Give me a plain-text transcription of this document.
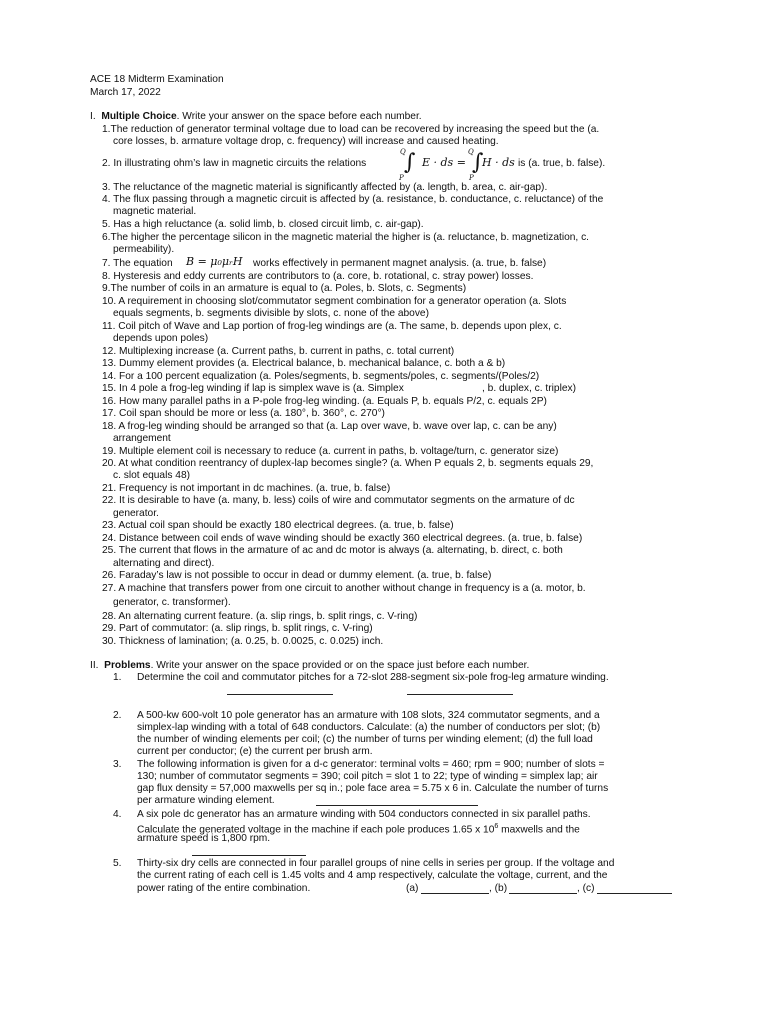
ACE 18 Midterm Examination
March 17, 2022
I. Multiple Choice. Write your answer on the space before each number.
1.The reduction of generator terminal voltage due to load can be recovered by increasing the speed but the (a.
core losses, b. armature voltage drop, c. frequency) will increase and caused heating.
2. In illustrating ohm’s law in magnetic circuits the relations
Q
∫
P
E · ds =
Q
∫
P
H · ds is (a. true, b. false).
3. The reluctance of the magnetic material is significantly affected by (a. length, b. area, c. air-gap).
4. The flux passing through a magnetic circuit is affected by (a. resistance, b. conductance, c. reluctance) of the
magnetic material.
5. Has a high reluctance (a. solid limb, b. closed circuit limb, c. air-gap).
6.The higher the percentage silicon in the magnetic material the higher is (a. reluctance, b. magnetization, c.
permeability).
7. The equation B = μ₀μᵣH works effectively in permanent magnet analysis. (a. true, b. false)
8. Hysteresis and eddy currents are contributors to (a. core, b. rotational, c. stray power) losses.
9.The number of coils in an armature is equal to (a. Poles, b. Slots, c. Segments)
10. A requirement in choosing slot/commutator segment combination for a generator operation (a. Slots
equals segments, b. segments divisible by slots, c. none of the above)
11. Coil pitch of Wave and Lap portion of frog-leg windings are (a. The same, b. depends upon plex, c.
depends upon poles)
12. Multiplexing increase (a. Current paths, b. current in paths, c. total current)
13. Dummy element provides (a. Electrical balance, b. mechanical balance, c. both a & b)
14. For a 100 percent equalization (a. Poles/segments, b. segments/poles, c. segments/(Poles/2)
15. In 4 pole a frog-leg winding if lap is simplex wave is (a. Simplex	, b. duplex, c. triplex)
16. How many parallel paths in a P-pole frog-leg winding. (a. Equals P, b. equals P/2, c. equals 2P)
17. Coil span should be more or less (a. 180°, b. 360°, c. 270°)
18. A frog-leg winding should be arranged so that (a. Lap over wave, b. wave over lap, c. can be any)
arrangement
19. Multiple element coil is necessary to reduce (a. current in paths, b. voltage/turn, c. generator size)
20. At what condition reentrancy of duplex-lap becomes single? (a. When P equals 2, b. segments equals 29,
c. slot equals 48)
21. Frequency is not important in dc machines. (a. true, b. false)
22. It is desirable to have (a. many, b. less) coils of wire and commutator segments on the armature of dc
generator.
23. Actual coil span should be exactly 180 electrical degrees. (a. true, b. false)
24. Distance between coil ends of wave winding should be exactly 360 electrical degrees. (a. true, b. false)
25. The current that flows in the armature of ac and dc motor is always (a. alternating, b. direct, c. both
alternating and direct).
26. Faraday’s law is not possible to occur in dead or dummy element. (a. true, b. false)
27. A machine that transfers power from one circuit to another without change in frequency is a (a. motor, b.
generator, c. transformer).
28. An alternating current feature. (a. slip rings, b. split rings, c. V-ring)
29. Part of commutator: (a. slip rings, b. split rings, c. V-ring)
30. Thickness of lamination; (a. 0.25, b. 0.0025, c. 0.025) inch.
II. Problems. Write your answer on the space provided or on the space just before each number.
1. Determine the coil and commutator pitches for a 72-slot 288-segment six-pole frog-leg armature winding.
2. A 500-kw 600-volt 10 pole generator has an armature with 108 slots, 324 commutator segments, and a
simplex-lap winding with a total of 648 conductors. Calculate: (a) the number of conductors per slot; (b)
the number of winding elements per coil; (c) the number of turns per winding element; (d) the full load
current per conductor; (e) the current per brush arm.
3. The following information is given for a d-c generator: terminal volts = 460; rpm = 900; number of slots =
130; number of commutator segments = 390; coil pitch = slot 1 to 22; type of winding = simplex lap; air
gap flux density = 57,000 maxwells per sq in.; pole face area = 5.75 x 6 in. Calculate the number of turns
per armature winding element.
4. A six pole dc generator has an armature winding with 504 conductors connected in six parallel paths.
Calculate the generated voltage in the machine if each pole produces 1.65 x $10^6$ maxwells and the
armature speed is 1,800 rpm.
5. Thirty-six dry cells are connected in four parallel groups of nine cells in series per group. If the voltage and
the current rating of each cell is 1.45 volts and 4 amp respectively, calculate the voltage, current, and the
power rating of the entire combination.	(a)	, (b)	, (c)
